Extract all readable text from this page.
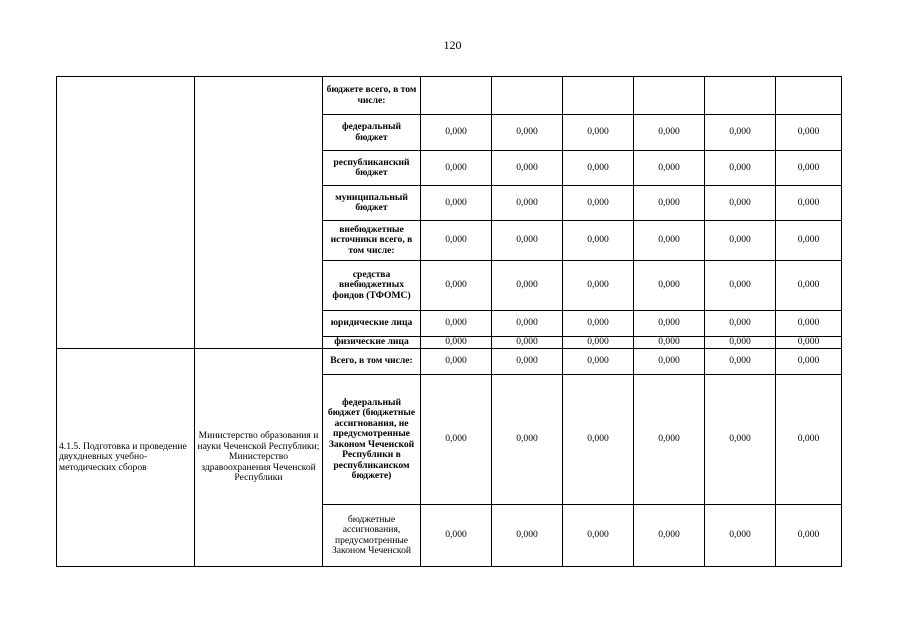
120
		бюджете всего, в том числе:						
		федеральный бюджет	0,000	0,000	0,000	0,000	0,000	0,000
		республиканский бюджет	0,000	0,000	0,000	0,000	0,000	0,000
		муниципальный бюджет	0,000	0,000	0,000	0,000	0,000	0,000
		внебюджетные источники всего, в том числе:	0,000	0,000	0,000	0,000	0,000	0,000
		средства внебюджетных фондов (ТФОМС)	0,000	0,000	0,000	0,000	0,000	0,000
		юридические лица	0,000	0,000	0,000	0,000	0,000	0,000
		физические лица	0,000	0,000	0,000	0,000	0,000	0,000
4.1.5. Подготовка и проведение двухдневных учебно-методических сборов	Министерство образования и науки Чеченской Республики; Министерство здравоохранения Чеченской Республики	Всего, в том числе:	0,000	0,000	0,000	0,000	0,000	0,000
		федеральный бюджет (бюджетные ассигнования, не предусмотренные Законом Чеченской Республики в республиканском бюджете)	0,000	0,000	0,000	0,000	0,000	0,000
		бюджетные ассигнования, предусмотренные Законом Чеченской	0,000	0,000	0,000	0,000	0,000	0,000
